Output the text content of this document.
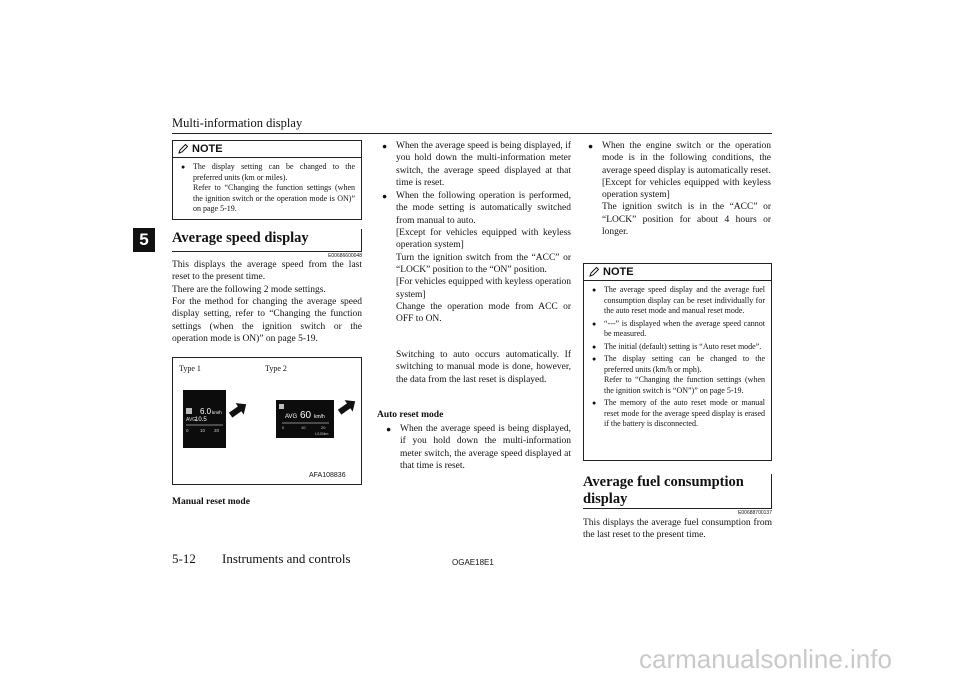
Multi-information display
5
NOTE
● The display setting can be changed to the preferred units (km or miles).
Refer to “Changing the function settings (when the ignition switch or the operation mode is ON)” on page 5-19.
Average speed display
E00686600048
This displays the average speed from the last reset to the present time.
There are the following 2 mode settings.
For the method for changing the average speed display setting, refer to “Changing the function settings (when the ignition switch or the operation mode is ON)” on page 5-19.
Type 1	Type 2
AVG
6.0 km/h
10.5
0	10 20
AVG 60 km/h
0	10	20
L/100km
AFA108836
Manual reset mode
● When the average speed is being displayed, if you hold down the multi-information meter switch, the average speed displayed at that time is reset.
● When the following operation is performed, the mode setting is automatically switched from manual to auto.
[Except for vehicles equipped with keyless operation system]
Turn the ignition switch from the “ACC” or “LOCK” position to the “ON” position.
[For vehicles equipped with keyless operation system]
Change the operation mode from ACC or OFF to ON.
Switching to auto occurs automatically. If switching to manual mode is done, however, the data from the last reset is displayed.
Auto reset mode
● When the average speed is being displayed, if you hold down the multi-information meter switch, the average speed displayed at that time is reset.
● When the engine switch or the operation mode is in the following conditions, the average speed display is automatically reset.
[Except for vehicles equipped with keyless operation system]
The ignition switch is in the “ACC” or “LOCK” position for about 4 hours or longer.
NOTE
● The average speed display and the average fuel consumption display can be reset individually for the auto reset mode and manual reset mode.
● “---” is displayed when the average speed cannot be measured.
● The initial (default) setting is “Auto reset mode”.
● The display setting can be changed to the preferred units (km/h or mph).
Refer to “Changing the function settings (when the ignition switch is “ON”)” on page 5-19.
● The memory of the auto reset mode or manual reset mode for the average speed display is erased if the battery is disconnected.
Average fuel consumption display
E00688700137
This displays the average fuel consumption from the last reset to the present time.
5-12 Instruments and controls	OGAE18E1
carmanualsonline.info
